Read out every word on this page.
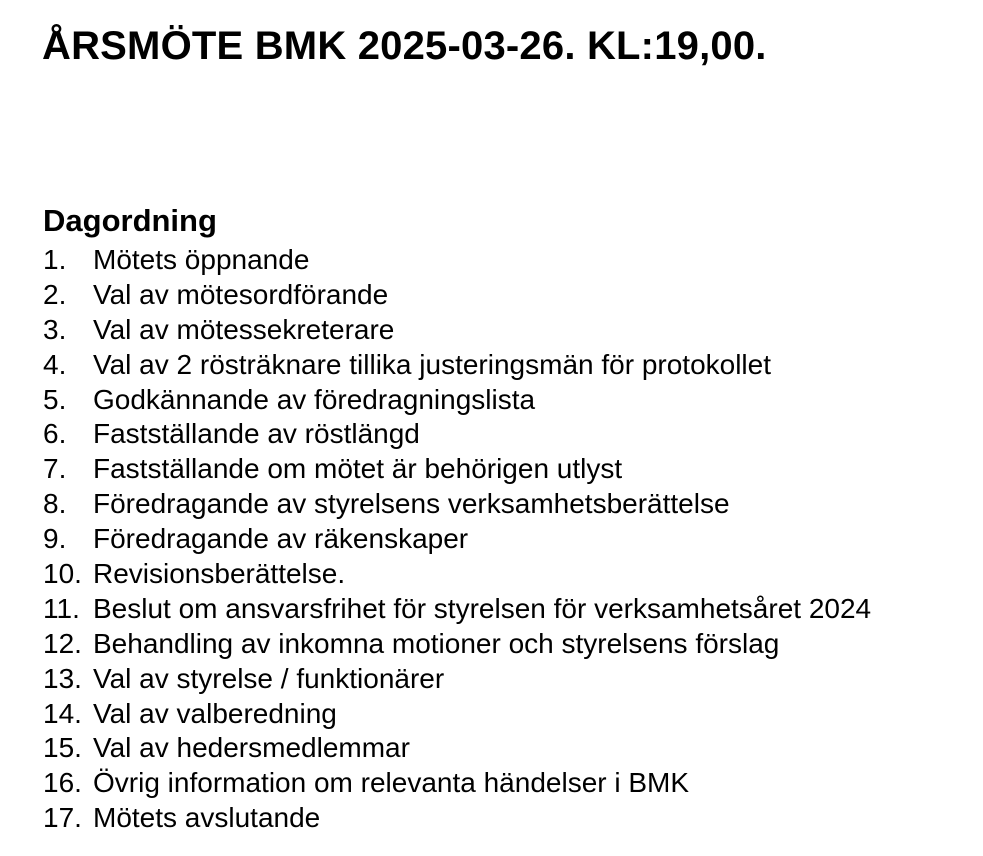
ÅRSMÖTE BMK 2025-03-26. KL:19,00.
Dagordning
1. Mötets öppnande
2. Val av mötesordförande
3. Val av mötessekreterare
4. Val av 2 rösträknare tillika justeringsmän för protokollet
5. Godkännande av föredragningslista
6. Fastställande av röstlängd
7. Fastställande om mötet är behörigen utlyst
8. Föredragande av styrelsens verksamhetsberättelse
9. Föredragande av räkenskaper
10. Revisionsberättelse.
11. Beslut om ansvarsfrihet för styrelsen för verksamhetsåret 2024
12. Behandling av inkomna motioner och styrelsens förslag
13. Val av styrelse / funktionärer
14. Val av valberedning
15. Val av hedersmedlemmar
16. Övrig information om relevanta händelser i BMK
17. Mötets avslutande
